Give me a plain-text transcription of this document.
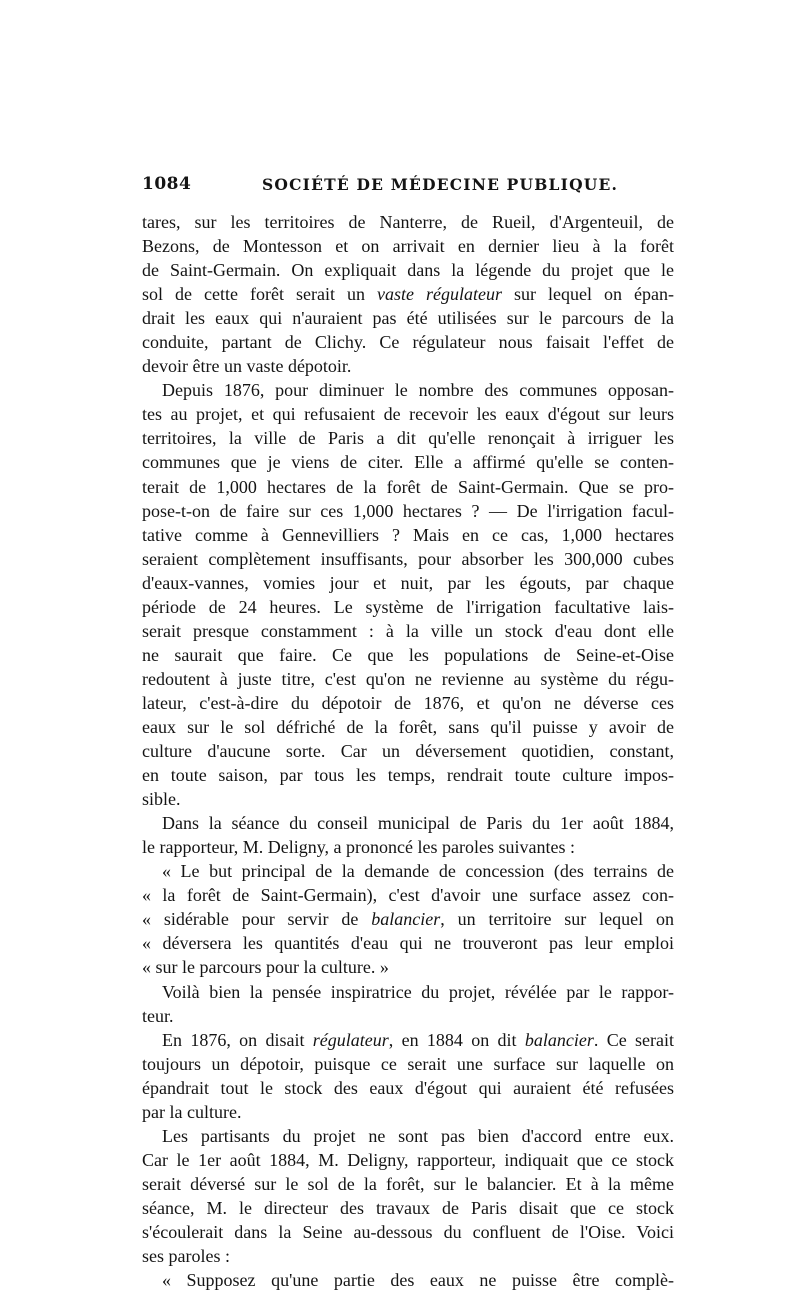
1084	SOCIÉTÉ DE MÉDECINE PUBLIQUE.
tares, sur les territoires de Nanterre, de Rueil, d'Argenteuil, de
Bezons, de Montesson et on arrivait en dernier lieu à la forêt
de Saint-Germain. On expliquait dans la légende du projet que le
sol de cette forêt serait un vaste régulateur sur lequel on épan-
drait les eaux qui n'auraient pas été utilisées sur le parcours de la
conduite, partant de Clichy. Ce régulateur nous faisait l'effet de
devoir être un vaste dépotoir.
Depuis 1876, pour diminuer le nombre des communes opposan-
tes au projet, et qui refusaient de recevoir les eaux d'égout sur leurs
territoires, la ville de Paris a dit qu'elle renonçait à irriguer les
communes que je viens de citer. Elle a affirmé qu'elle se conten-
terait de 1,000 hectares de la forêt de Saint-Germain. Que se pro-
pose-t-on de faire sur ces 1,000 hectares ? — De l'irrigation facul-
tative comme à Gennevilliers ? Mais en ce cas, 1,000 hectares
seraient complètement insuffisants, pour absorber les 300,000 cubes
d'eaux-vannes, vomies jour et nuit, par les égouts, par chaque
période de 24 heures. Le système de l'irrigation facultative lais-
serait presque constamment : à la ville un stock d'eau dont elle
ne saurait que faire. Ce que les populations de Seine-et-Oise
redoutent à juste titre, c'est qu'on ne revienne au système du régu-
lateur, c'est-à-dire du dépotoir de 1876, et qu'on ne déverse ces
eaux sur le sol défriché de la forêt, sans qu'il puisse y avoir de
culture d'aucune sorte. Car un déversement quotidien, constant,
en toute saison, par tous les temps, rendrait toute culture impos-
sible.
Dans la séance du conseil municipal de Paris du 1er août 1884,
le rapporteur, M. Deligny, a prononcé les paroles suivantes :
« Le but principal de la demande de concession (des terrains de
« la forêt de Saint-Germain), c'est d'avoir une surface assez con-
« sidérable pour servir de balancier, un territoire sur lequel on
« déversera les quantités d'eau qui ne trouveront pas leur emploi
« sur le parcours pour la culture. »
Voilà bien la pensée inspiratrice du projet, révélée par le rappor-
teur.
En 1876, on disait régulateur, en 1884 on dit balancier. Ce serait
toujours un dépotoir, puisque ce serait une surface sur laquelle on
épandrait tout le stock des eaux d'égout qui auraient été refusées
par la culture.
Les partisants du projet ne sont pas bien d'accord entre eux.
Car le 1er août 1884, M. Deligny, rapporteur, indiquait que ce stock
serait déversé sur le sol de la forêt, sur le balancier. Et à la même
séance, M. le directeur des travaux de Paris disait que ce stock
s'écoulerait dans la Seine au-dessous du confluent de l'Oise. Voici
ses paroles :
« Supposez qu'une partie des eaux ne puisse être complè-
